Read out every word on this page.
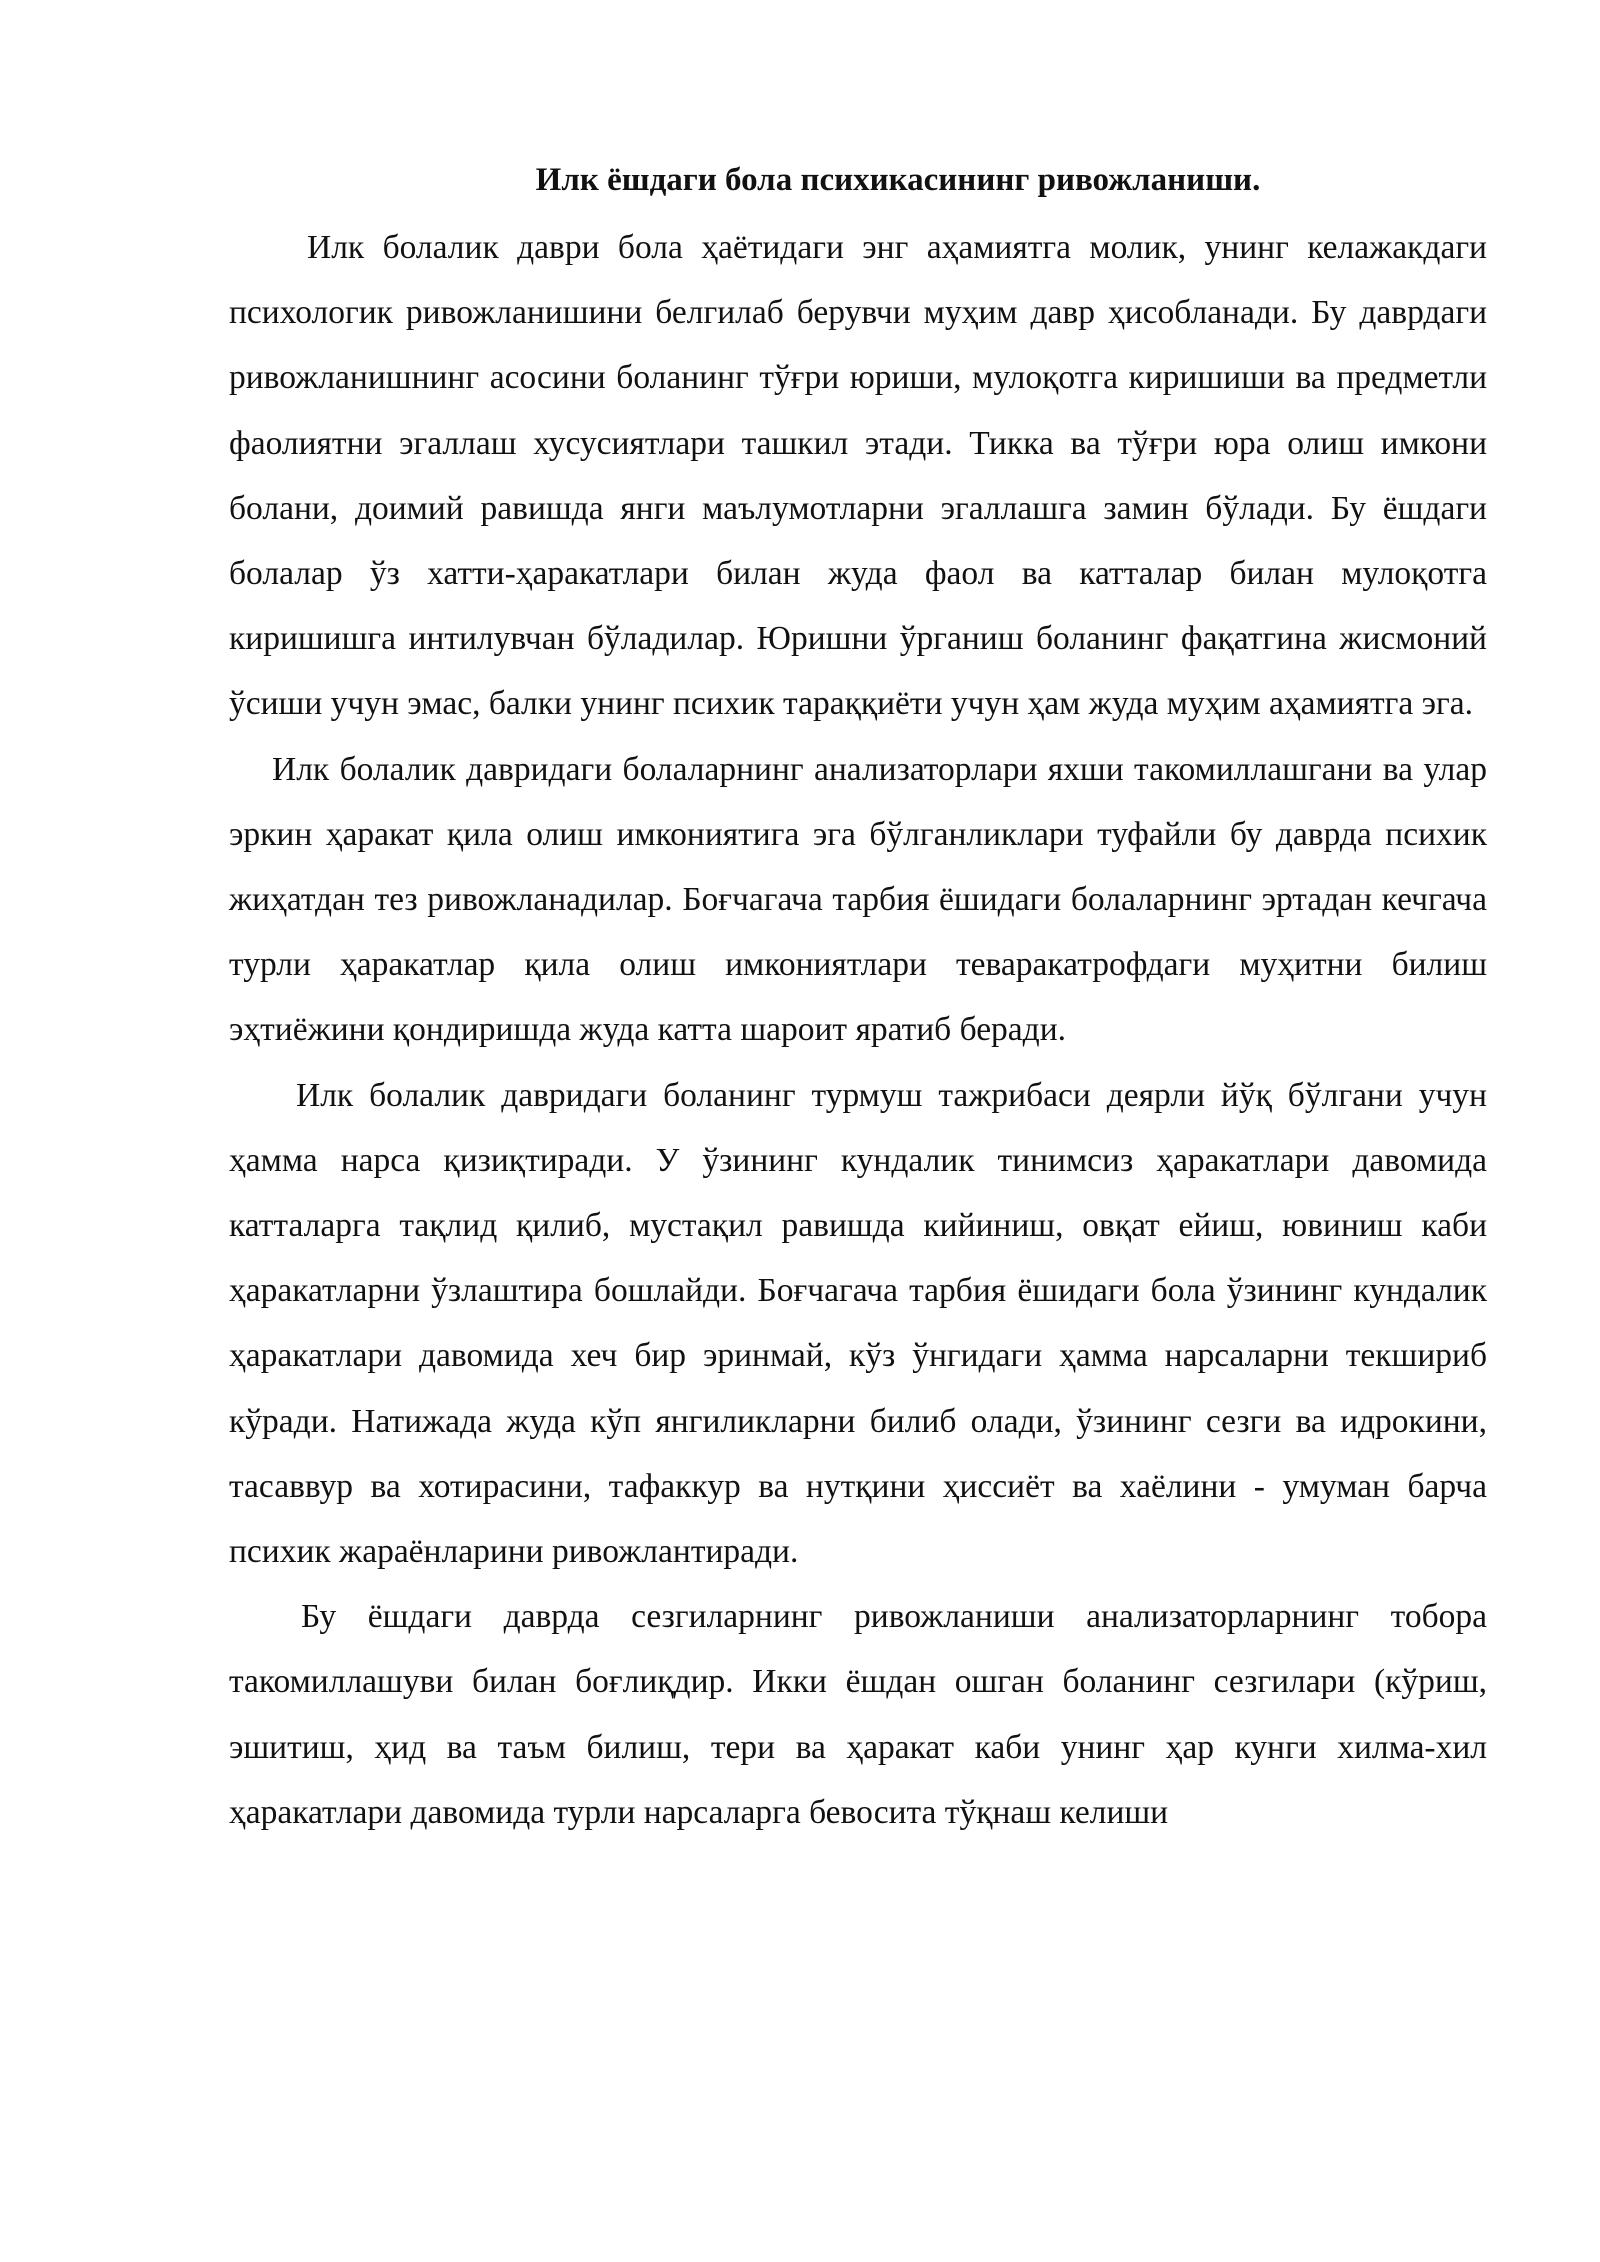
Илк ёшдаги бола психикасининг ривожланиши.

Илк болалик даври бола ҳаётидаги энг аҳамиятга молик, унинг келажакдаги психологик ривожланишини белгилаб берувчи муҳим давр ҳисобланади. Бу даврдаги ривожланишнинг асосини боланинг тўғри юриши, мулоқотга киришиши ва предметли фаолиятни эгаллаш хусусиятлари ташкил этади. Тикка ва тўғри юра олиш имкони болани, доимий равишда янги маълумотларни эгаллашга замин бўлади. Бу ёшдаги болалар ўз хатти-ҳаракатлари билан жуда фаол ва катталар билан мулоқотга киришишга интилувчан бўладилар. Юришни ўрганиш боланинг фақатгина жисмоний ўсиши учун эмас, балки унинг психик тараққиёти учун ҳам жуда муҳим аҳамиятга эга.

Илк болалик давридаги болаларнинг анализаторлари яхши такомиллашгани ва улар эркин ҳаракат қила олиш имкониятига эга бўлганликлари туфайли бу даврда психик жиҳатдан тез ривожланадилар. Боғчагача тарбия ёшидаги болаларнинг эртадан кечгача турли ҳаракатлар қила олиш имкониятлари теваракатрофдаги муҳитни билиш эҳтиёжини қондиришда жуда катта шароит яратиб беради.

Илк болалик давридаги боланинг турмуш тажрибаси деярли йўқ бўлгани учун ҳамма нарса қизиқтиради. У ўзининг кундалик тинимсиз ҳаракатлари давомида катталарга тақлид қилиб, мустақил равишда кийиниш, овқат ейиш, ювиниш каби ҳаракатларни ўзлаштира бошлайди. Боғчагача тарбия ёшидаги бола ўзининг кундалик ҳаракатлари давомида хеч бир эринмай, кўз ўнгидаги ҳамма нарсаларни текшириб кўради. Натижада жуда кўп янгиликларни билиб олади, ўзининг сезги ва идрокини, тасаввур ва хотирасини, тафаккур ва нутқини ҳиссиёт ва хаёлини - умуман барча психик жараёнларини ривожлантиради.

Бу ёшдаги даврда сезгиларнинг ривожланиши анализаторларнинг тобора такомиллашуви билан боғлиқдир. Икки ёшдан ошган боланинг сезгилари (кўриш, эшитиш, ҳид ва таъм билиш, тери ва ҳаракат каби унинг ҳар кунги хилма-хил ҳаракатлари давомида турли нарсаларга бевосита тўқнаш келиши
